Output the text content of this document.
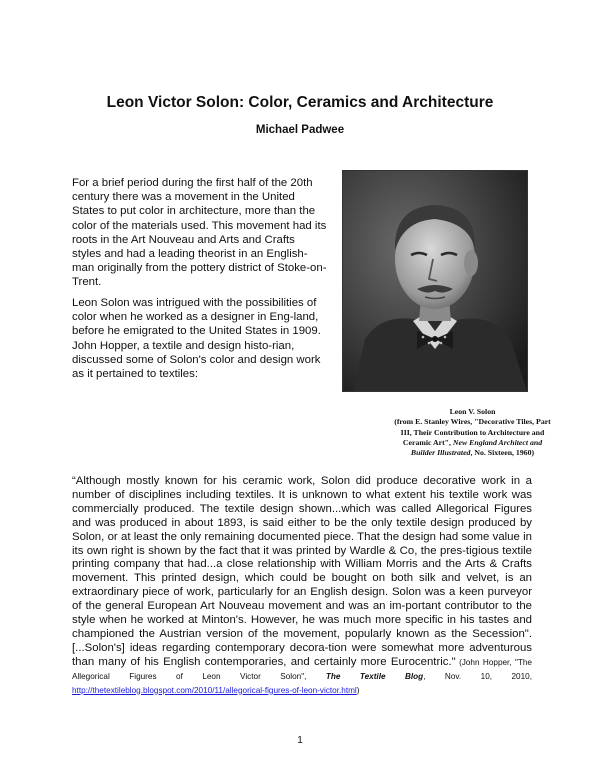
Leon Victor Solon: Color, Ceramics and Architecture
Michael Padwee
For a brief period during the first half of the 20th century there was a movement in the United States to put color in architecture, more than the color of the materials used. This movement had its roots in the Art Nouveau and Arts and Crafts styles and had a leading theorist in an English-man originally from the pottery district of Stoke-on-Trent.
Leon Solon was intrigued with the possibilities of color when he worked as a designer in Eng-land, before he emigrated to the United States in 1909. John Hopper, a textile and design histo-rian, discussed some of Solon's color and design work as it pertained to textiles:
Leon V. Solon
(from E. Stanley Wires, "Decorative Tiles, Part III, Their Contribution to Architecture and Ceramic Art", New England Architect and Builder Illustrated, No. Sixteen, 1960)
“Although mostly known for his ceramic work, Solon did produce decorative work in a number of disciplines including textiles. It is unknown to what extent his textile work was commercially produced. The textile design shown...which was called Allegorical Figures and was produced in about 1893, is said either to be the only textile design produced by Solon, or at least the only remaining documented piece. That the design had some value in its own right is shown by the fact that it was printed by Wardle & Co, the pres-tigious textile printing company that had...a close relationship with William Morris and the Arts & Crafts movement. This printed design, which could be bought on both silk and velvet, is an extraordinary piece of work, particularly for an English design. Solon was a keen purveyor of the general European Art Nouveau movement and was an im-portant contributor to the style when he worked at Minton's. However, he was much more specific in his tastes and championed the Austrian version of the movement, popularly known as the Secession". [...Solon's] ideas regarding contemporary decora-tion were somewhat more adventurous than many of his English contemporaries, and certainly more Eurocentric." (John Hopper, "The Allegorical Figures of Leon Victor Solon", The Textile Blog, Nov. 10, 2010, http://thetextileblog.blogspot.com/2010/11/allegorical-figures-of-leon-victor.html)
1
